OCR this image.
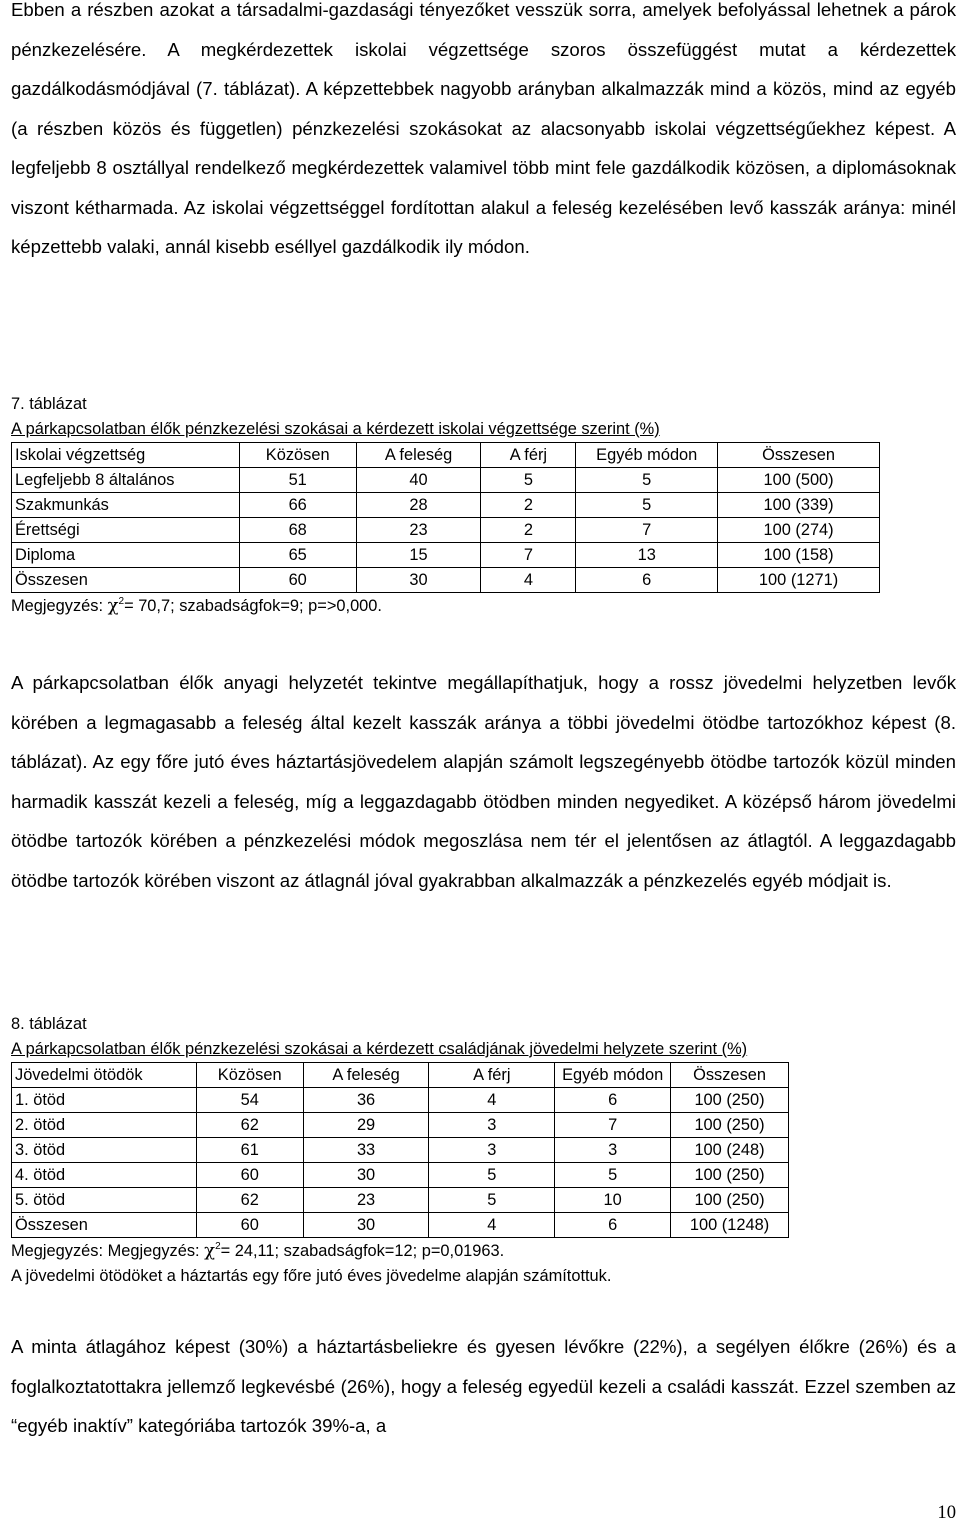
Ebben a részben azokat a társadalmi-gazdasági tényezőket vesszük sorra, amelyek befolyással lehetnek a párok pénzkezelésére. A megkérdezettek iskolai végzettsége szoros összefüggést mutat a kérdezettek gazdálkodásmódjával (7. táblázat). A képzettebbek nagyobb arányban alkalmazzák mind a közös, mind az egyéb (a részben közös és független) pénzkezelési szokásokat az alacsonyabb iskolai végzettségűekhez képest. A legfeljebb 8 osztállyal rendelkező megkérdezettek valamivel több mint fele gazdálkodik közösen, a diplomásoknak viszont kétharmada. Az iskolai végzettséggel fordítottan alakul a feleség kezelésében levő kasszák aránya: minél képzettebb valaki, annál kisebb eséllyel gazdálkodik ily módon.

7. táblázat

A párkapcsolatban élők pénzkezelési szokásai a kérdezett iskolai végzettsége szerint (%)

Iskolai végzettség	Közösen	A feleség	A férj	Egyéb módon	Összesen
Legfeljebb 8 általános	51	40	5	5	100 (500)
Szakmunkás	66	28	2	5	100 (339)
Érettségi	68	23	2	7	100 (274)
Diploma	65	15	7	13	100 (158)
Összesen	60	30	4	6	100 (1271)

Megjegyzés: $\chi^2= 70,7$; szabadságfok=9; p=>0,000.

A párkapcsolatban élők anyagi helyzetét tekintve megállapíthatjuk, hogy a rossz jövedelmi helyzetben levők körében a legmagasabb a feleség által kezelt kasszák aránya a többi jövedelmi ötödbe tartozókhoz képest (8. táblázat). Az egy főre jutó éves háztartásjövedelem alapján számolt legszegényebb ötödbe tartozók közül minden harmadik kasszát kezeli a feleség, míg a leggazdagabb ötödben minden negyediket. A középső három jövedelmi ötödbe tartozók körében a pénzkezelési módok megoszlása nem tér el jelentősen az átlagtól. A leggazdagabb ötödbe tartozók körében viszont az átlagnál jóval gyakrabban alkalmazzák a pénzkezelés egyéb módjait is.

8. táblázat

A párkapcsolatban élők pénzkezelési szokásai a kérdezett családjának jövedelmi helyzete szerint (%)

Jövedelmi ötödök	Közösen	A feleség	A férj	Egyéb módon	Összesen
1. ötöd	54	36	4	6	100 (250)
2. ötöd	62	29	3	7	100 (250)
3. ötöd	61	33	3	3	100 (248)
4. ötöd	60	30	5	5	100 (250)
5. ötöd	62	23	5	10	100 (250)
Összesen	60	30	4	6	100 (1248)

Megjegyzés: Megjegyzés: $\chi^2= 24,11$; szabadságfok=12; p=0,01963.

A jövedelmi ötödöket a háztartás egy főre jutó éves jövedelme alapján számítottuk.

A minta átlagához képest (30%) a háztartásbeliekre és gyesen lévőkre (22%), a segélyen élőkre (26%) és a foglalkoztatottakra jellemző legkevésbé (26%), hogy a feleség egyedül kezeli a családi kasszát. Ezzel szemben az “egyéb inaktív” kategóriába tartozók 39%-a, a

10
